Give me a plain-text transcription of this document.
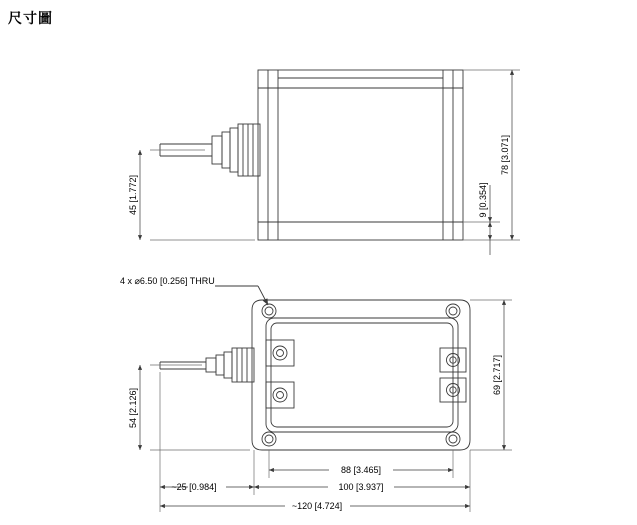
尺寸圖
45 [1.772]
78 [3.071]
9 [0.354]
4 x ⌀6.50 [0.256] THRU
54 [2.126]
69 [2.717]
88 [3.465]
100 [3.937]
~25 [0.984]
~120 [4.724]
